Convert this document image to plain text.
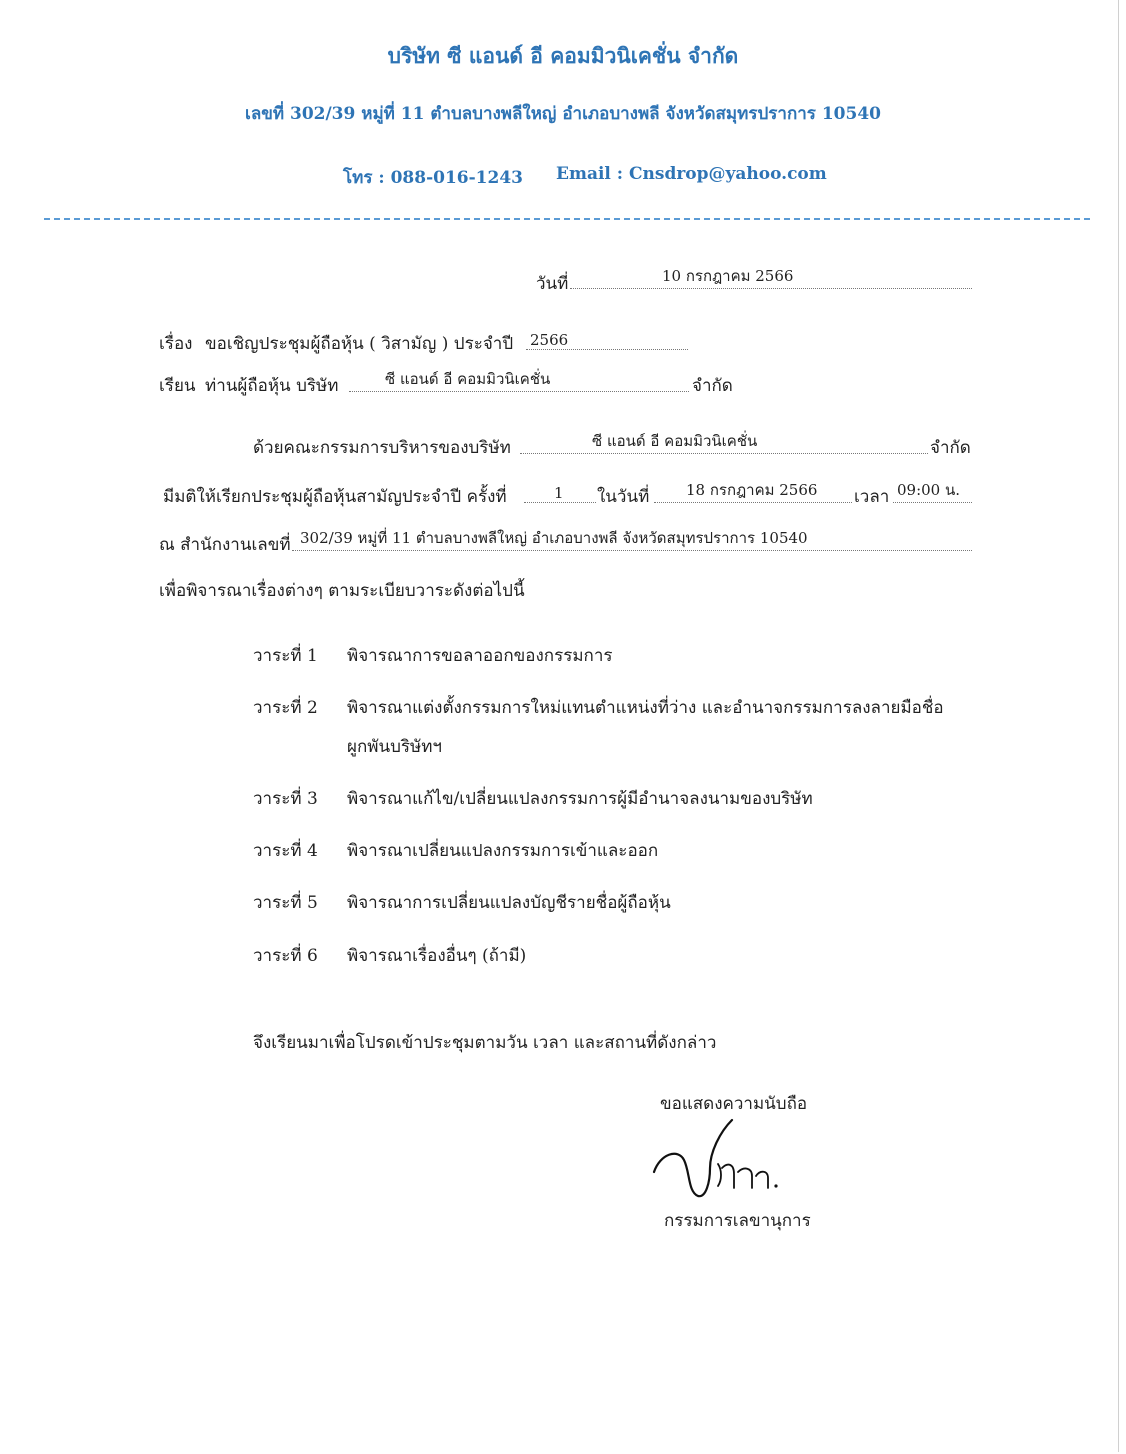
บริษัท ซี แอนด์ อี คอมมิวนิเคชั่น จำกัด
เลขที่ 302/39 หมู่ที่ 11 ตำบลบางพลีใหญ่ อำเภอบางพลี จังหวัดสมุทรปราการ 10540
โทร : 088-016-1243 Email : Cnsdrop@yahoo.com
วันที่	10 กรกฎาคม 2566
เรื่อง ขอเชิญประชุมผู้ถือหุ้น ( วิสามัญ ) ประจำปี 2566
เรียน ท่านผู้ถือหุ้น บริษัท	ซี แอนด์ อี คอมมิวนิเคชั่น	จำกัด
ด้วยคณะกรรมการบริหารของบริษัท	ซี แอนด์ อี คอมมิวนิเคชั่น	จำกัด
มีมติให้เรียกประชุมผู้ถือหุ้นสามัญประจำปี ครั้งที่	1 ในวันที่ 18 กรกฎาคม 2566 เวลา 09:00 น.
ณ สำนักงานเลขที่ 302/39 หมู่ที่ 11 ตำบลบางพลีใหญ่ อำเภอบางพลี จังหวัดสมุทรปราการ 10540
เพื่อพิจารณาเรื่องต่างๆ ตามระเบียบวาระดังต่อไปนี้
วาระที่ 1 พิจารณาการขอลาออกของกรรมการ
วาระที่ 2 พิจารณาแต่งตั้งกรรมการใหม่แทนตำแหน่งที่ว่าง และอำนาจกรรมการลงลายมือชื่อ
ผูกพันบริษัทฯ
วาระที่ 3 พิจารณาแก้ไข/เปลี่ยนแปลงกรรมการผู้มีอำนาจลงนามของบริษัท
วาระที่ 4 พิจารณาเปลี่ยนแปลงกรรมการเข้าและออก
วาระที่ 5 พิจารณาการเปลี่ยนแปลงบัญชีรายชื่อผู้ถือหุ้น
วาระที่ 6 พิจารณาเรื่องอื่นๆ (ถ้ามี)
จึงเรียนมาเพื่อโปรดเข้าประชุมตามวัน เวลา และสถานที่ดังกล่าว
ขอแสดงความนับถือ
กรรมการเลขานุการ
